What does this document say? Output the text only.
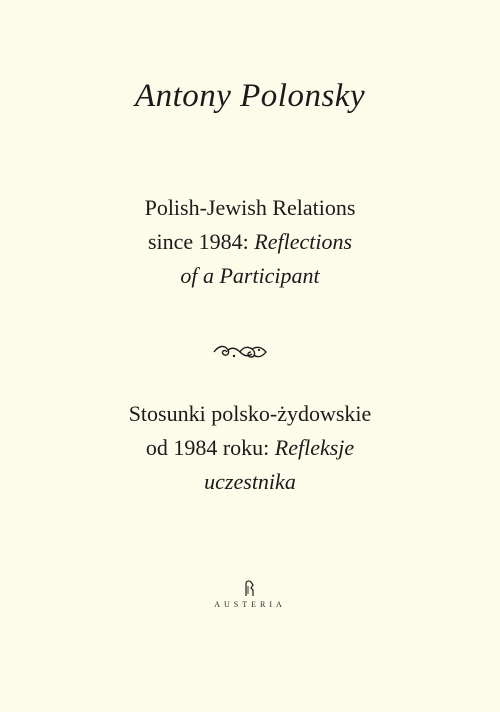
Antony Polonsky
Polish-Jewish Relations
since 1984: Reflections
of a Participant
Stosunki polsko-żydowskie
od 1984 roku: Refleksje
uczestnika
AUSTERIA
